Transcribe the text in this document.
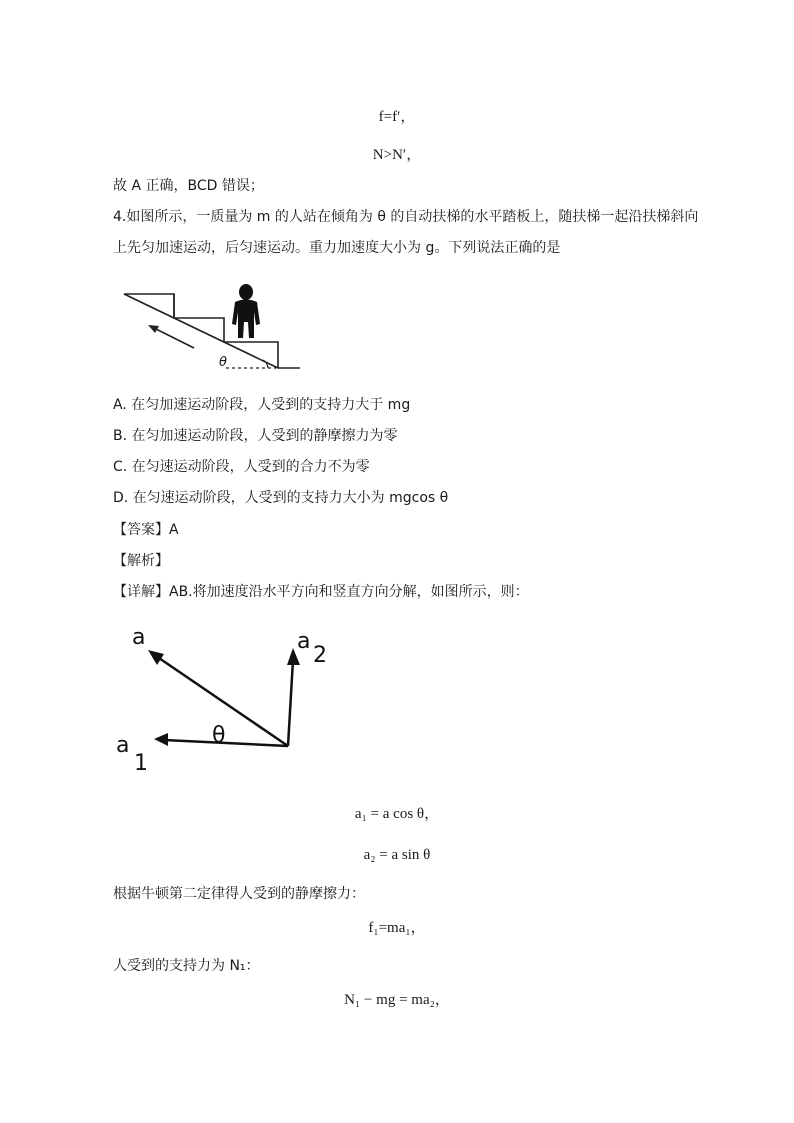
f=f′，
N>N′，
故 A 正确，BCD 错误；
4.如图所示，一质量为 m 的人站在倾角为 θ 的自动扶梯的水平踏板上，随扶梯一起沿扶梯斜向
上先匀加速运动，后匀速运动。重力加速度大小为 g。下列说法正确的是
θ
A. 在匀加速运动阶段，人受到的支持力大于 mg
B. 在匀加速运动阶段，人受到的静摩擦力为零
C. 在匀速运动阶段，人受到的合力不为零
D. 在匀速运动阶段，人受到的支持力大小为 mgcos θ
【答案】A
【解析】
【详解】AB.将加速度沿水平方向和竖直方向分解，如图所示，则：
a	a
2
a
1
θ
a₁ = a cos θ，
a₂ = a sin θ
根据牛顿第二定律得人受到的静摩擦力：
f₁=ma₁，
人受到的支持力为 N₁：
N₁ − mg = ma₂，
